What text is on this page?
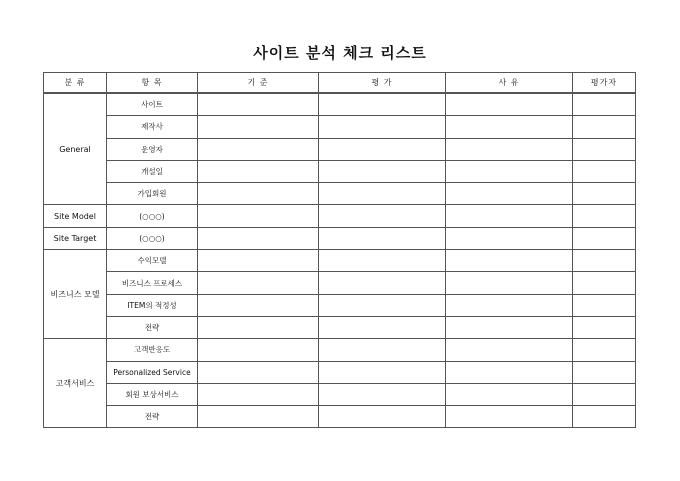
사이트 분석 체크 리스트
분 류	항 목	기 준	평 가	사 유	평가자
General	사이트				
	제작사				
	운영자				
	개설일				
	가입회원				
Site Model	(○○○)				
Site Target	(○○○)				
비즈니스 모델	수익모델				
	비즈니스 프로세스				
	ITEM의 적정성				
	전략				
고객서비스	고객반응도				
	Personalized Service				
	회원 보상서비스				
	전략				
